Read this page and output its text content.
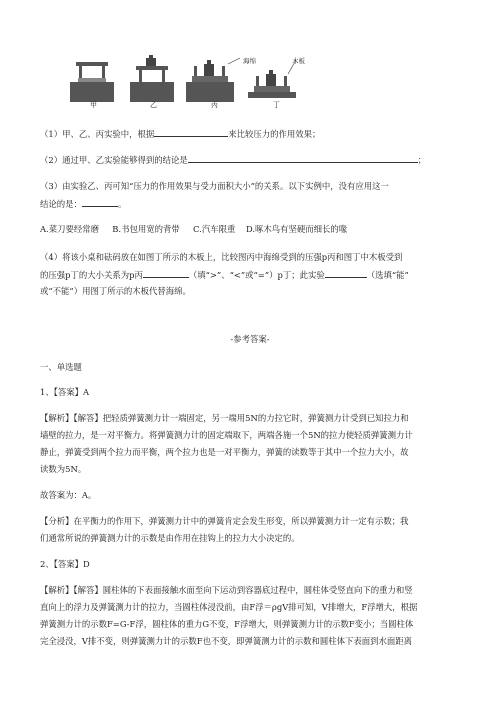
海绵	木板
甲	乙	丙	丁
（1）甲、乙、丙实验中，根据	来比较压力的作用效果；
（2）通过甲、乙实验能够得到的结论是	；
（3）由实验乙、丙可知“压力的作用效果与受力面积大小”的关系。以下实例中，没有应用这一
结论的是：	。
A.菜刀要经常磨 B.书包用宽的背带 C.汽车限重 D.啄木鸟有坚硬而细长的喙
（4）将该小桌和砝码放在如图丁所示的木板上，比较图丙中海绵受到的压强p丙和图丁中木板受到
的压强p丁的大小关系为p丙	（填“>”、“<”或“=”）p丁；此实验	（选填“能”
或“不能”）用图丁所示的木板代替海绵。
-参考答案-
一、单选题
1、【答案】A
【解析】【解答】把轻质弹簧测力计一端固定，另一端用5N的力拉它时，弹簧测力计受到已知拉力和
墙壁的拉力，是一对平衡力。将弹簧测力计的固定端取下，两端各施一个5N的拉力使轻质弹簧测力计
静止，弹簧受到两个拉力而平衡，两个拉力也是一对平衡力，弹簧的读数等于其中一个拉力大小，故
读数为5N。
故答案为：A。
【分析】在平衡力的作用下，弹簧测力计中的弹簧肯定会发生形变，所以弹簧测力计一定有示数；我
们通常所说的弹簧测力计的示数是由作用在挂钩上的拉力大小决定的。
2、【答案】D
【解析】【解答】圆柱体的下表面接触水面至向下运动到容器底过程中，圆柱体受竖直向下的重力和竖
直向上的浮力及弹簧测力计的拉力，当圆柱体浸没前，由F浮＝ρgV排可知，V排增大，F浮增大，根据
弹簧测力计的示数F=G-F浮，圆柱体的重力G不变，F浮增大，则弹簧测力计的示数F变小；当圆柱体
完全浸没，V排不变，则弹簧测力计的示数F也不变，即弹簧测力计的示数和圆柱体下表面到水面距离
